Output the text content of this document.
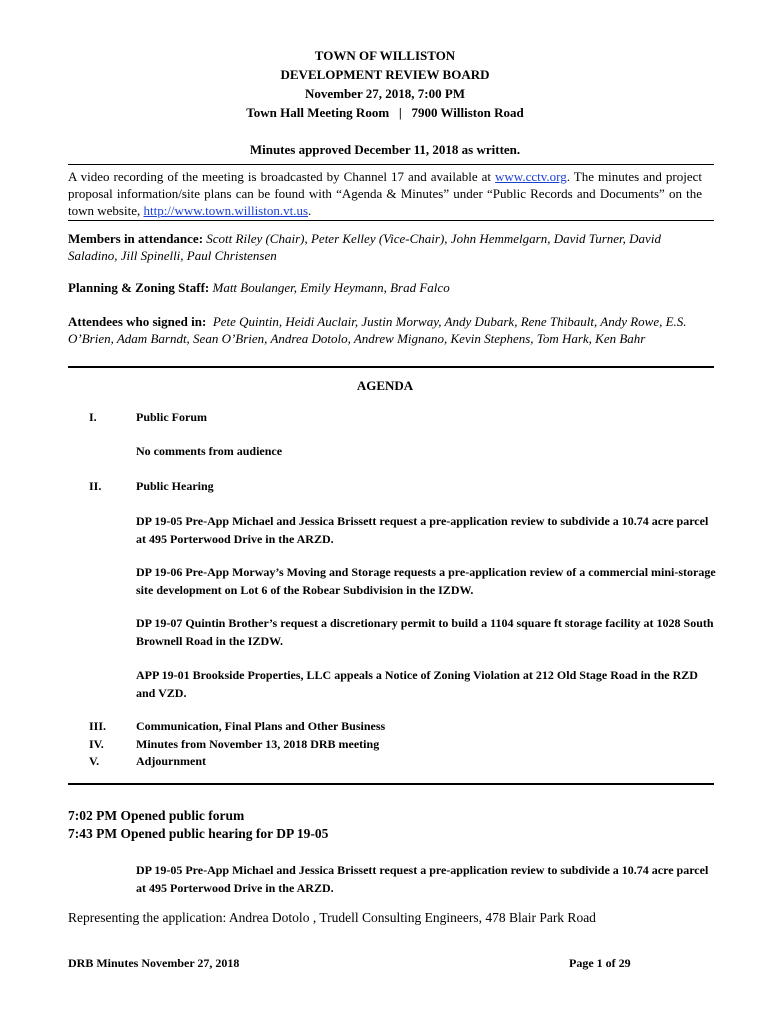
TOWN OF WILLISTON
DEVELOPMENT REVIEW BOARD
November 27, 2018, 7:00 PM
Town Hall Meeting Room   |   7900 Williston Road
Minutes approved December 11, 2018 as written.
A video recording of the meeting is broadcasted by Channel 17 and available at www.cctv.org. The minutes and project proposal information/site plans can be found with “Agenda & Minutes” under “Public Records and Documents” on the town website, http://www.town.williston.vt.us.
Members in attendance: Scott Riley (Chair), Peter Kelley (Vice-Chair), John Hemmelgarn, David Turner, David Saladino, Jill Spinelli, Paul Christensen
Planning & Zoning Staff: Matt Boulanger, Emily Heymann, Brad Falco
Attendees who signed in:  Pete Quintin, Heidi Auclair, Justin Morway, Andy Dubark, Rene Thibault, Andy Rowe, E.S. O’Brien, Adam Barndt, Sean O’Brien, Andrea Dotolo, Andrew Mignano, Kevin Stephens, Tom Hark, Ken Bahr
AGENDA
I.	Public Forum
No comments from audience
II.	Public Hearing
DP 19-05 Pre-App Michael and Jessica Brissett request a pre-application review to subdivide a 10.74 acre parcel at 495 Porterwood Drive in the ARZD.
DP 19-06 Pre-App Morway’s Moving and Storage requests a pre-application review of a commercial mini-storage site development on Lot 6 of the Robear Subdivision in the IZDW.
DP 19-07 Quintin Brother’s request a discretionary permit to build a 1104 square ft storage facility at 1028 South Brownell Road in the IZDW.
APP 19-01 Brookside Properties, LLC appeals a Notice of Zoning Violation at 212 Old Stage Road in the RZD and VZD.
III. Communication, Final Plans and Other Business
IV.	Minutes from November 13, 2018 DRB meeting
V.	Adjournment
7:02 PM Opened public forum
7:43 PM Opened public hearing for DP 19-05
DP 19-05 Pre-App Michael and Jessica Brissett request a pre-application review to subdivide a 10.74 acre parcel at 495 Porterwood Drive in the ARZD.
Representing the application: Andrea Dotolo , Trudell Consulting Engineers, 478 Blair Park Road
DRB Minutes November 27, 2018	Page 1 of 29
